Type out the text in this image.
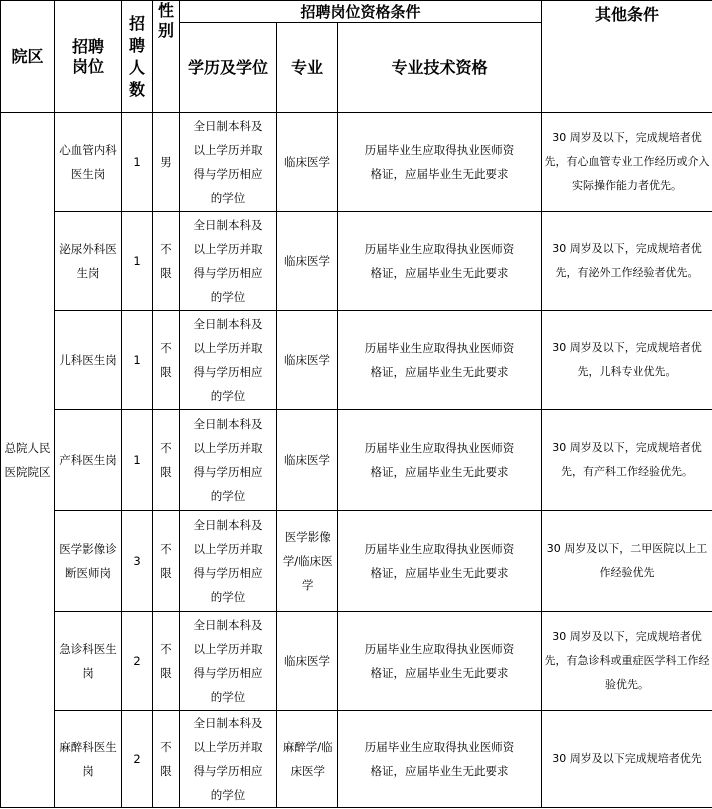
院区	招聘岗位	招聘人数	性别	招聘岗位资格条件			其他条件

				学历及学位	专业	专业技术资格	

总院人民医院院区	心血管内科医生岗	1	男	全日制本科及以上学历并取得与学历相应的学位	临床医学	历届毕业生应取得执业医师资格证，应届毕业生无此要求	30 周岁及以下，完成规培者优先，有心血管专业工作经历或介入实际操作能力者优先。

	泌尿外科医生岗	1	不限	全日制本科及以上学历并取得与学历相应的学位	临床医学	历届毕业生应取得执业医师资格证，应届毕业生无此要求	30 周岁及以下，完成规培者优先，有泌外工作经验者优先。

	儿科医生岗	1	不限	全日制本科及以上学历并取得与学历相应的学位	临床医学	历届毕业生应取得执业医师资格证，应届毕业生无此要求	30 周岁及以下，完成规培者优先，儿科专业优先。

	产科医生岗	1	不限	全日制本科及以上学历并取得与学历相应的学位	临床医学	历届毕业生应取得执业医师资格证，应届毕业生无此要求	30 周岁及以下，完成规培者优先，有产科工作经验优先。

	医学影像诊断医师岗	3	不限	全日制本科及以上学历并取得与学历相应的学位	医学影像学/临床医学	历届毕业生应取得执业医师资格证，应届毕业生无此要求	30 周岁及以下，二甲医院以上工作经验优先

	急诊科医生岗	2	不限	全日制本科及以上学历并取得与学历相应的学位	临床医学	历届毕业生应取得执业医师资格证，应届毕业生无此要求	30 周岁及以下，完成规培者优先，有急诊科或重症医学科工作经验优先。

	麻醉科医生岗	2	不限	全日制本科及以上学历并取得与学历相应的学位	麻醉学/临床医学	历届毕业生应取得执业医师资格证，应届毕业生无此要求	30 周岁及以下完成规培者优先
